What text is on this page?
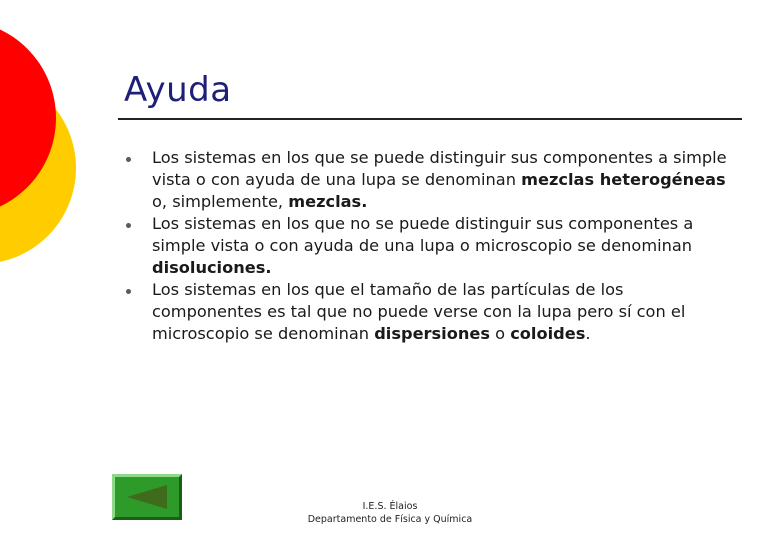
Ayuda
Los sistemas en los que se puede distinguir sus componentes a simple vista o con ayuda de una lupa se denominan mezclas heterogéneas o, simplemente, mezclas.
Los sistemas en los que no se puede distinguir sus componentes a simple vista o con ayuda de una lupa o microscopio se denominan disoluciones.
Los sistemas en los que el tamaño de las partículas de los componentes es tal que no puede verse con la lupa pero sí con el microscopio se denominan dispersiones o coloides.
I.E.S. Élaios
Departamento de Física y Química
